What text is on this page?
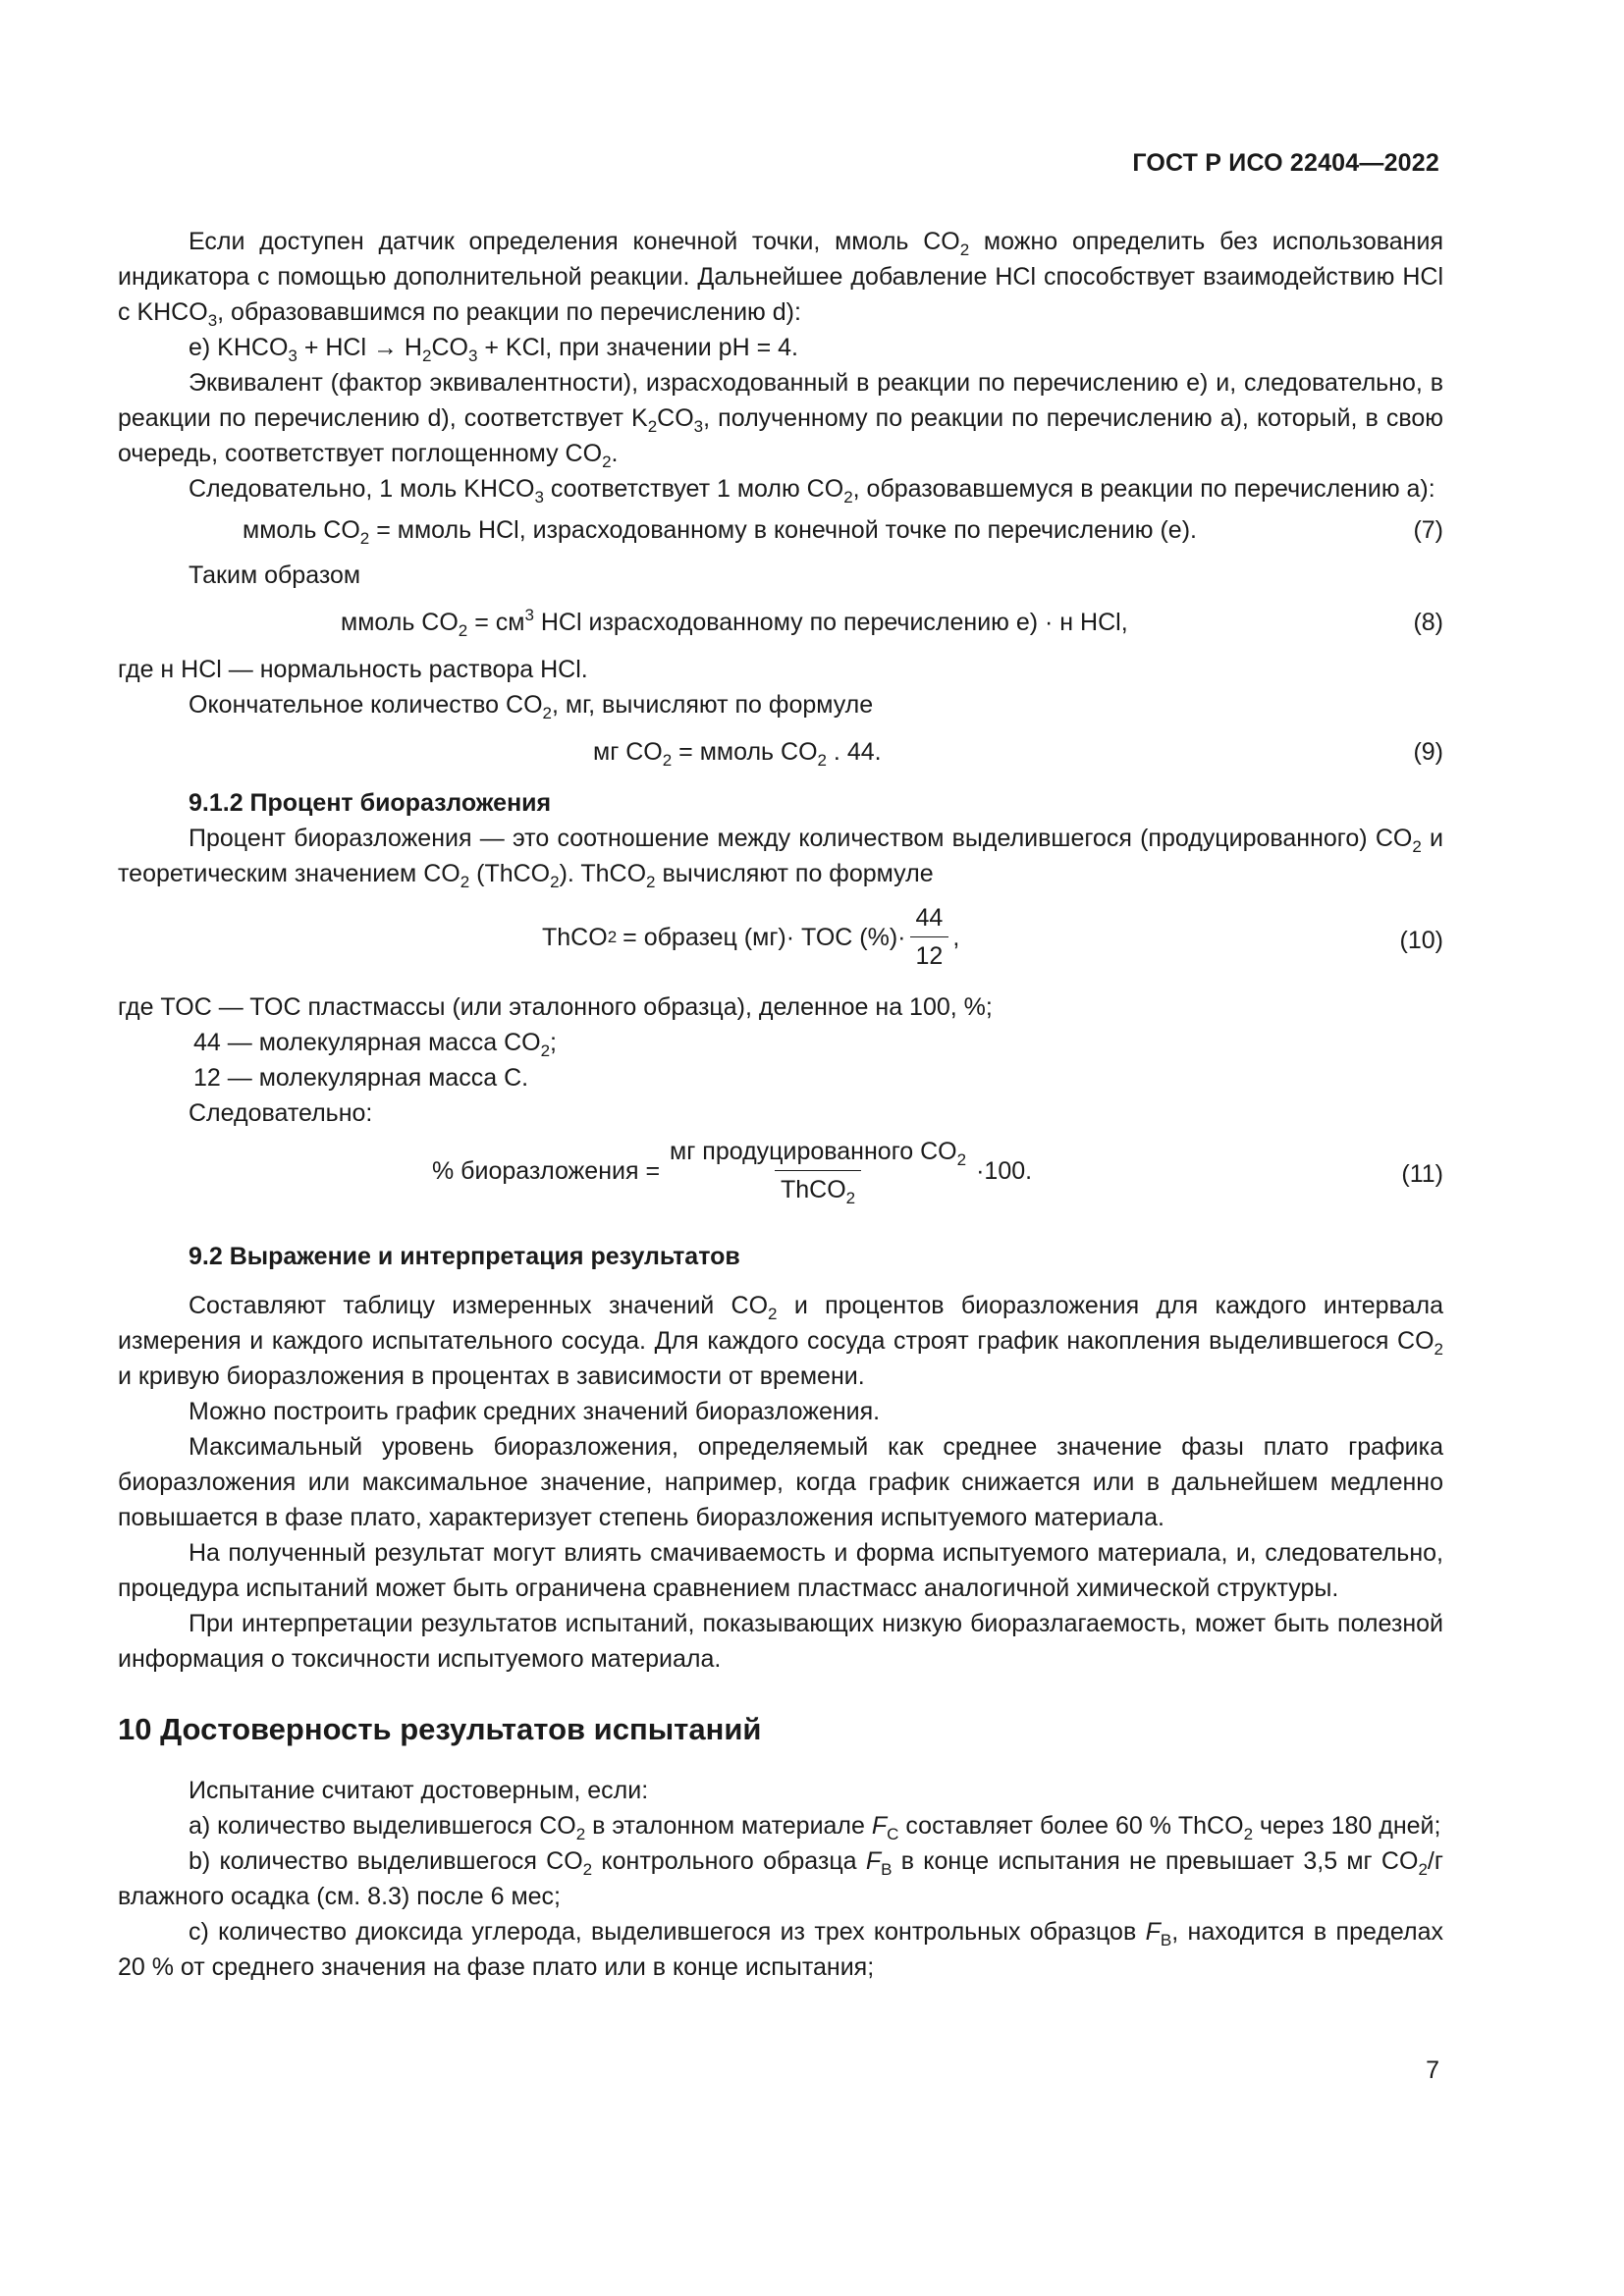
ГОСТ Р ИСО 22404—2022

Если доступен датчик определения конечной точки, ммоль $CO_2$ можно определить без использования индикатора с помощью дополнительной реакции. Дальнейшее добавление HCl способствует взаимодействию HCl с $KHCO_3$, образовавшимся по реакции по перечислению d):

e) $KHCO_3$ + HCl → $H_2CO_3$ + KCl, при значении pH = 4.

Эквивалент (фактор эквивалентности), израсходованный в реакции по перечислению e) и, следовательно, в реакции по перечислению d), соответствует $K_2CO_3$, полученному по реакции по перечислению a), который, в свою очередь, соответствует поглощенному $CO_2$.

Следовательно, 1 моль $KHCO_3$ соответствует 1 молю $CO_2$, образовавшемуся в реакции по перечислению a):

ммоль $CO_2$ = ммоль HCl, израсходованному в конечной точке по перечислению (e).	(7)

Таким образом

ммоль $CO_2 = см^3$ HCl израсходованному по перечислению e) · н HCl,	(8)

где н HCl — нормальность раствора HCl.

Окончательное количество $CO_2$, мг, вычисляют по формуле

мг $CO_2$ = ммоль $CO_2$ . 44.	(9)

9.1.2 Процент биоразложения

Процент биоразложения — это соотношение между количеством выделившегося (продуцированного) $CO_2$ и теоретическим значением $CO_2$ (ThCO$_2$). ThCO$_2$ вычисляют по формуле

ThCO 2 = образец (мг)· TOC (%)· $\frac{44}{12}$ ,	(10)

где TOC — TOC пластмассы (или эталонного образца), деленное на 100, %;

44 — молекулярная масса $CO_2$;

12 — молекулярная масса C.

Следовательно:

% биоразложения = $\frac{мг продуцированного CO_2}{ThCO_2} \cdot 100$.	(11)

9.2 Выражение и интерпретация результатов

Составляют таблицу измеренных значений $CO_2$ и процентов биоразложения для каждого интервала измерения и каждого испытательного сосуда. Для каждого сосуда строят график накопления выделившегося $CO_2$ и кривую биоразложения в процентах в зависимости от времени.

Можно построить график средних значений биоразложения.

Максимальный уровень биоразложения, определяемый как среднее значение фазы плато графика биоразложения или максимальное значение, например, когда график снижается или в дальнейшем медленно повышается в фазе плато, характеризует степень биоразложения испытуемого материала.

На полученный результат могут влиять смачиваемость и форма испытуемого материала, и, следовательно, процедура испытаний может быть ограничена сравнением пластмасс аналогичной химической структуры.

При интерпретации результатов испытаний, показывающих низкую биоразлагаемость, может быть полезной информация о токсичности испытуемого материала.

10 Достоверность результатов испытаний

Испытание считают достоверным, если:

a) количество выделившегося $CO_2$ в эталонном материале $F_C$ составляет более 60 % ThCO$_2$ через 180 дней;

b) количество выделившегося $CO_2$ контрольного образца $F_B$ в конце испытания не превышает 3,5 мг $CO_2/г$ влажного осадка (см. 8.3) после 6 мес;

c) количество диоксида углерода, выделившегося из трех контрольных образцов $F_B$, находится в пределах 20 % от среднего значения на фазе плато или в конце испытания;

7
